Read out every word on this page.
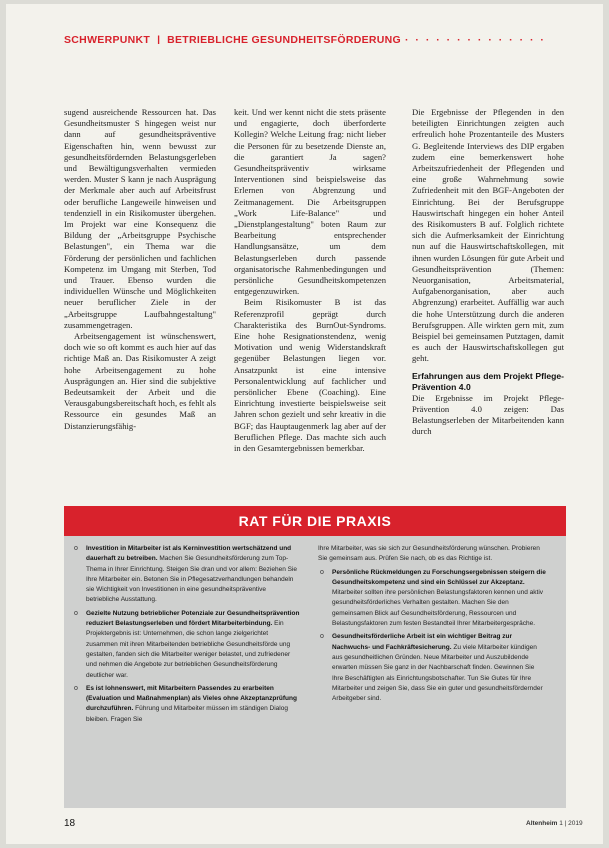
SCHWERPUNKT | BETRIEBLICHE GESUNDHEITSFÖRDERUNG · · · · · · · · · · · · · ·

sugend ausreichende Ressourcen hat. Das Gesundheitsmuster S hingegen weist nur dann auf gesundheitspräventive Eigenschaften hin, wenn bewusst zur gesundheitsfördernden Belastungsgerleben und Bewältigungsverhalten vermieden werden. Muster S kann je nach Ausprägung der Merkmale aber auch auf Arbeitsfrust oder berufliche Langeweile hinweisen und tendenziell in ein Risikomuster übergehen. Im Projekt war eine Konsequenz die Bildung der „Arbeitsgruppe Psychische Belastungen", ein Thema war die Förderung der persönlichen und fachlichen Kompetenz im Umgang mit Sterben, Tod und Trauer. Ebenso wurden die individuellen Wünsche und Möglichkeiten neuer beruflicher Ziele in der „Arbeitsgruppe Laufbahngestaltung" zusammengetragen.

Arbeitsengagement ist wünschenswert, doch wie so oft kommt es auch hier auf das richtige Maß an. Das Risikomuster A zeigt hohe Arbeitsengagement zu hohe Ausprägungen an. Hier sind die subjektive Bedeutsamkeit der Arbeit und die Verausgabungsbereitschaft hoch, es fehlt als Ressource ein gesundes Maß an Distanzierungsfähig-

keit. Und wer kennt nicht die stets präsente und engagierte, doch überforderte Kollegin? Welche Leitung frag: nicht lieber die Personen für zu besetzende Dienste an, die garantiert Ja sagen? Gesundheitspräventiv wirksame Interventionen sind beispielsweise das Erlernen von Abgrenzung und Zeitmanagement. Die Arbeitsgruppen „Work Life-Balance" und „Dienstplangestaltung" boten Raum zur Bearbeitung entsprechender Handlungsansätze, um dem Belastungserleben durch passende organisatorische Rahmenbedingungen und persönliche Gesundheitskompetenzen entgegenzuwirken.

Beim Risikomuster B ist das Referenzprofil geprägt durch Charakteristika des BurnOut-Syndroms. Eine hohe Resignationstendenz, wenig Motivation und wenig Widerstandskraft gegenüber Belastungen liegen vor. Ansatzpunkt ist eine intensive Personalentwicklung auf fachlicher und persönlicher Ebene (Coaching). Eine Einrichtung investierte beispielsweise seit Jahren schon gezielt und sehr kreativ in die BGF; das Hauptaugenmerk lag aber auf der Beruflichen Pflege. Das machte sich auch in den Gesamtergebnissen bemerkbar.

Die Ergebnisse der Pflegenden in den beteiligten Einrichtungen zeigten auch erfreulich hohe Prozentanteile des Musters G. Begleitende Interviews des DIP ergaben zudem eine bemerkenswert hohe Arbeitszufriedenheit der Pflegenden und eine große Wahrnehmung sowie Zufriedenheit mit den BGF-Angeboten der Einrichtung. Bei der Berufsgruppe Hauswirtschaft hingegen ein hoher Anteil des Risikomusters B auf. Folglich richtete sich die Aufmerksamkeit der Einrichtung nun auf die Hauswirtschaftskollegen, mit ihnen wurden Lösungen für gute Arbeit und Gesundheitsprävention (Themen: Neuorganisation, Arbeitsmaterial, Aufgabenorganisation, aber auch Abgrenzung) erarbeitet. Auffällig war auch die hohe Unterstützung durch die anderen Berufsgruppen. Alle wirkten gern mit, zum Beispiel bei gemeinsamen Putztagen, damit es auch der Hauswirtschaftskollegen gut geht.

Erfahrungen aus dem Projekt Pflege-Prävention 4.0

Die Ergebnisse im Projekt Pflege-Prävention 4.0 zeigen: Das Belastungserleben der Mitarbeitenden kann durch

RAT FÜR DIE PRAXIS
o Investition in Mitarbeiter ist als Kerninvestition wertschätzend und dauerhaft zu betreiben. Machen Sie Gesundheitsförderung zum Top-Thema in Ihrer Einrichtung. Steigen Sie dran und vor allem: Beziehen Sie Ihre Mitarbeiter ein. Betonen Sie in Pflegesatzverhandlungen behandeln sie Wichtigkeit von Investitionen in eine gesundheitspräventive betriebliche Ausstattung.
o Gezielte Nutzung betrieblicher Potenziale zur Gesundheitsprävention reduziert Belastungserleben und fördert Mitarbeiterbindung. Ein Projektergebnis ist: Unternehmen, die schon lange zielgerichtet zusammen mit ihren Mitarbeitenden betriebliche Gesundheitsförde ung gestalten, fanden sich die Mitarbeiter weniger belastet, und zufriedener und nehmen die Angebote zur betrieblichen Gesundheitsförderung deutlicher war.
o Es ist lohnenswert, mit Mitarbeitern Passendes zu erarbeiten (Evaluation und Maßnahmenplan) als Vieles ohne Akzeptanzprüfung durchzuführen. Führung und Mitarbeiter müssen im ständigen Dialog bleiben. Fragen Sie
Ihre Mitarbeiter, was sie sich zur Gesundheitsförderung wünschen. Probieren Sie gemeinsam aus. Prüfen Sie nach, ob es das Richtige ist.
o Persönliche Rückmeldungen zu Forschungsergebnissen steigern die Gesundheitskompetenz und sind ein Schlüssel zur Akzeptanz. Mitarbeiter sollten ihre persönlichen Belastungsfaktoren kennen und aktiv gesundheitsförderliches Verhalten gestalten. Machen Sie den gemeinsamen Blick auf Gesundheitsförderung, Ressourcen und Belastungsfaktoren zum festen Bestandteil Ihrer Mitarbeitergespräche.
o Gesundheitsförderliche Arbeit ist ein wichtiger Beitrag zur Nachwuchs- und Fachkräftesicherung. Zu viele Mitarbeiter kündigen aus gesundheitlichen Gründen. Neue Mitarbeiter und Auszubildende erwarten müssen Sie ganz in der Nachbarschaft finden. Gewinnen Sie Ihre Beschäftigten als Einrichtungsbotschafter. Tun Sie Gutes für Ihre Mitarbeiter und zeigen Sie, dass Sie ein guter und gesundheitsfördernder Arbeitgeber sind.
18	Altenheim 1 | 2019
